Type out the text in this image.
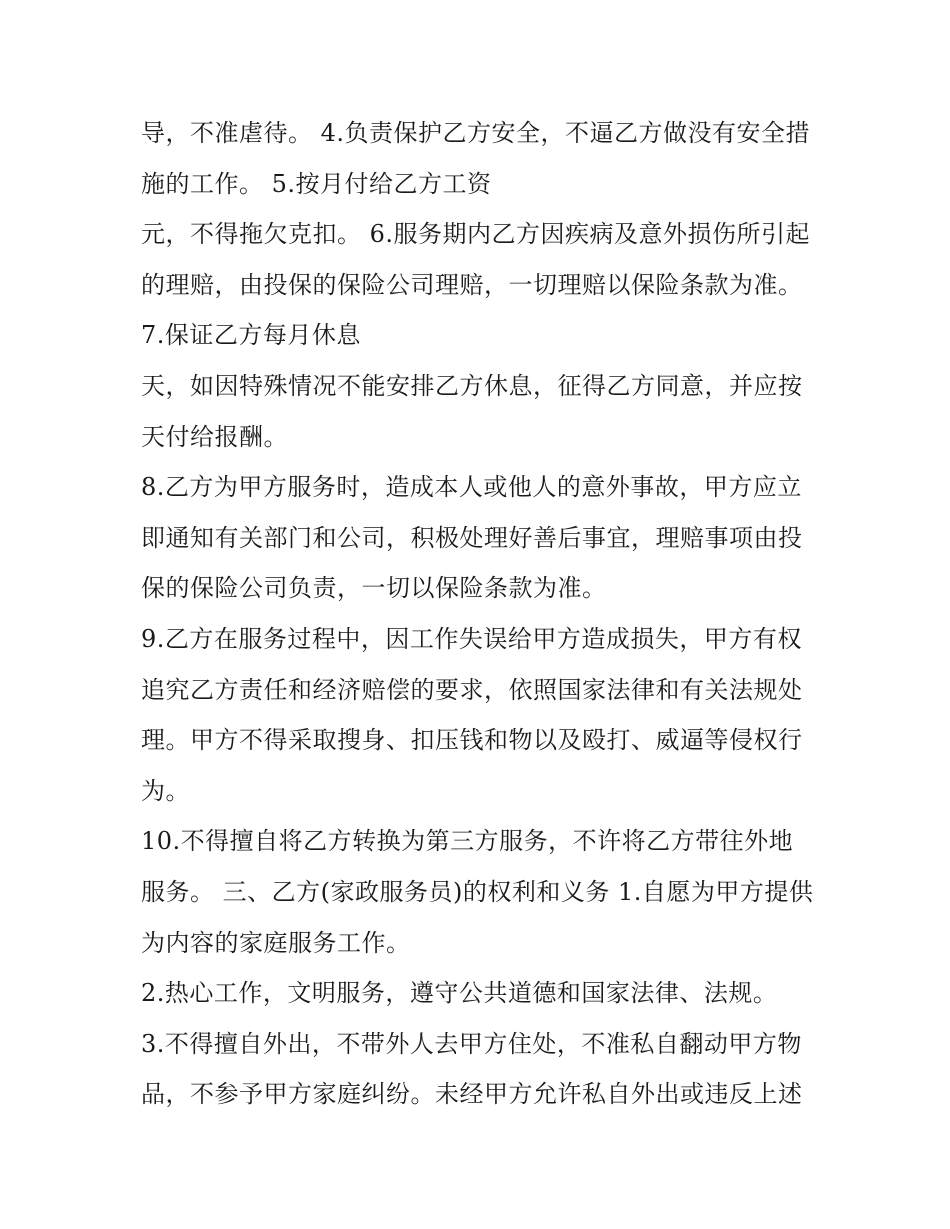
导，不准虐待。 4.负责保护乙方安全，不逼乙方做没有安全措
施的工作。 5.按月付给乙方工资
元，不得拖欠克扣。 6.服务期内乙方因疾病及意外损伤所引起
的理赔，由投保的保险公司理赔，一切理赔以保险条款为准。
7.保证乙方每月休息
天，如因特殊情况不能安排乙方休息，征得乙方同意，并应按
天付给报酬。
8.乙方为甲方服务时，造成本人或他人的意外事故，甲方应立
即通知有关部门和公司，积极处理好善后事宜，理赔事项由投
保的保险公司负责，一切以保险条款为准。
9.乙方在服务过程中，因工作失误给甲方造成损失，甲方有权
追究乙方责任和经济赔偿的要求，依照国家法律和有关法规处
理。甲方不得采取搜身、扣压钱和物以及殴打、威逼等侵权行
为。
10.不得擅自将乙方转换为第三方服务，不许将乙方带往外地
服务。 三、乙方(家政服务员)的权利和义务 1.自愿为甲方提供
为内容的家庭服务工作。
2.热心工作，文明服务，遵守公共道德和国家法律、法规。
3.不得擅自外出，不带外人去甲方住处，不准私自翻动甲方物
品，不参予甲方家庭纠纷。未经甲方允许私自外出或违反上述
